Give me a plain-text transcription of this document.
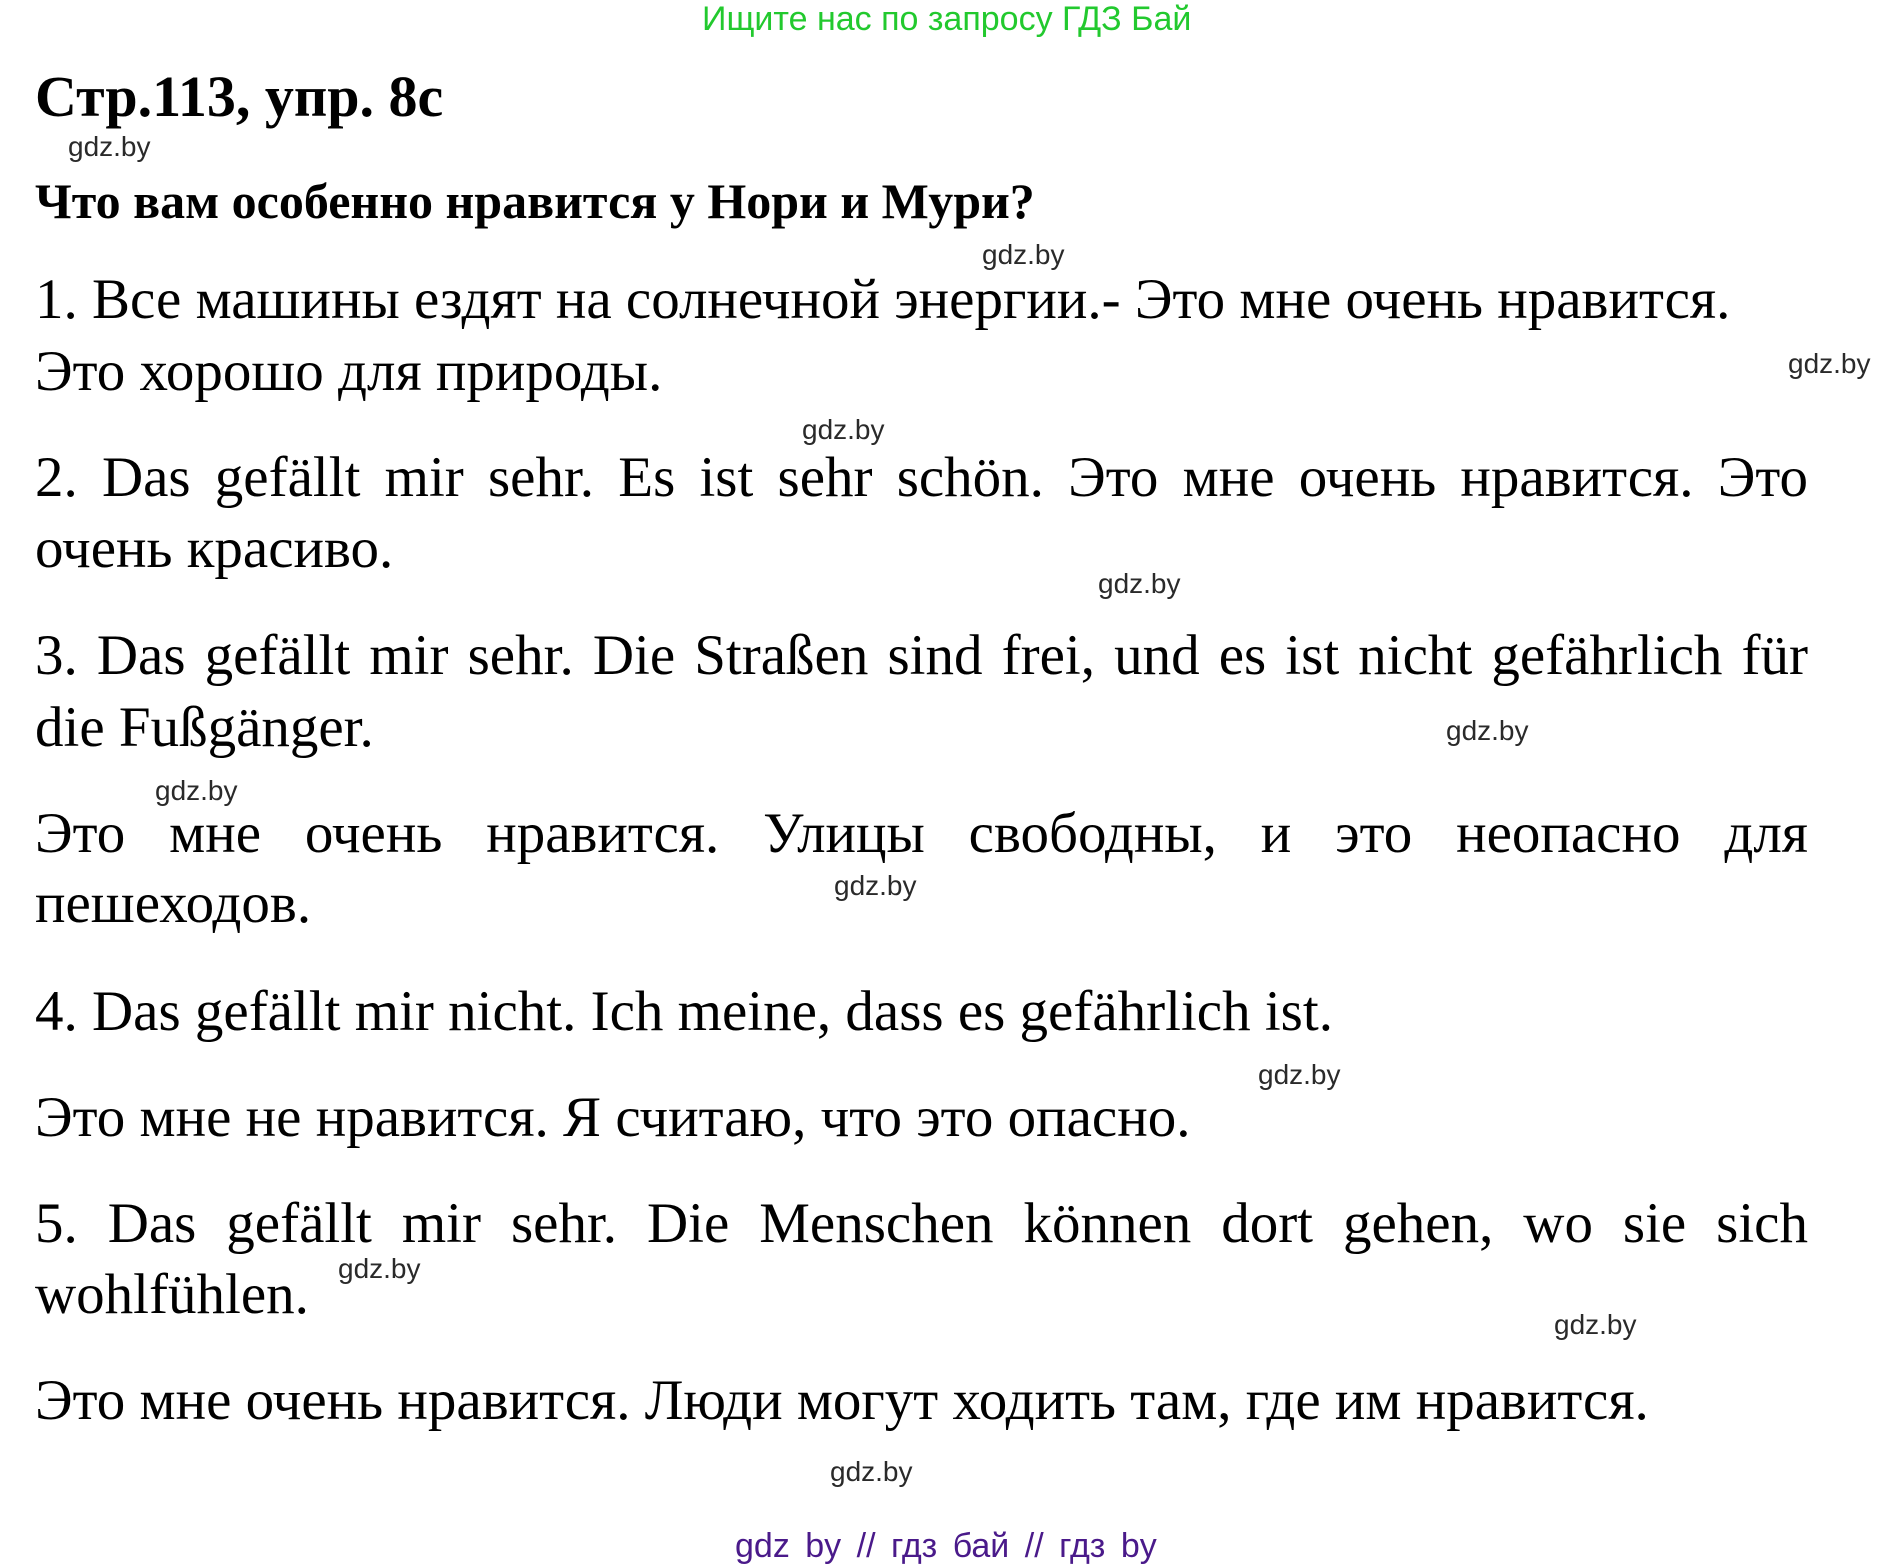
Ищите нас по запросу ГДЗ Бай
Стр.113, упр. 8с
gdz.by
Что вам особенно нравится у Нори и Мури?
gdz.by
1. Все машины ездят на солнечной энергии.- Это мне очень нравится.
gdz.by
Это хорошо для природы.
gdz.by
2. Das gefällt mir sehr. Es ist sehr schön. Это мне очень нравится. Это
очень красиво.
gdz.by
3. Das gefällt mir sehr. Die Straßen sind frei, und es ist nicht gefährlich für
gdz.by
die Fußgänger.
gdz.by
Это мне очень нравится. Улицы свободны, и это неопасно для
gdz.by
пешеходов.
4. Das gefällt mir nicht. Ich meine, dass es gefährlich ist.
gdz.by
Это мне не нравится. Я считаю, что это опасно.
5. Das gefällt mir sehr. Die Menschen können dort gehen, wo sie sich
gdz.by
wohlfühlen.	gdz.by
Это мне очень нравится. Люди могут ходить там, где им нравится.
gdz.by
gdz by // гдз бай // гдз by
